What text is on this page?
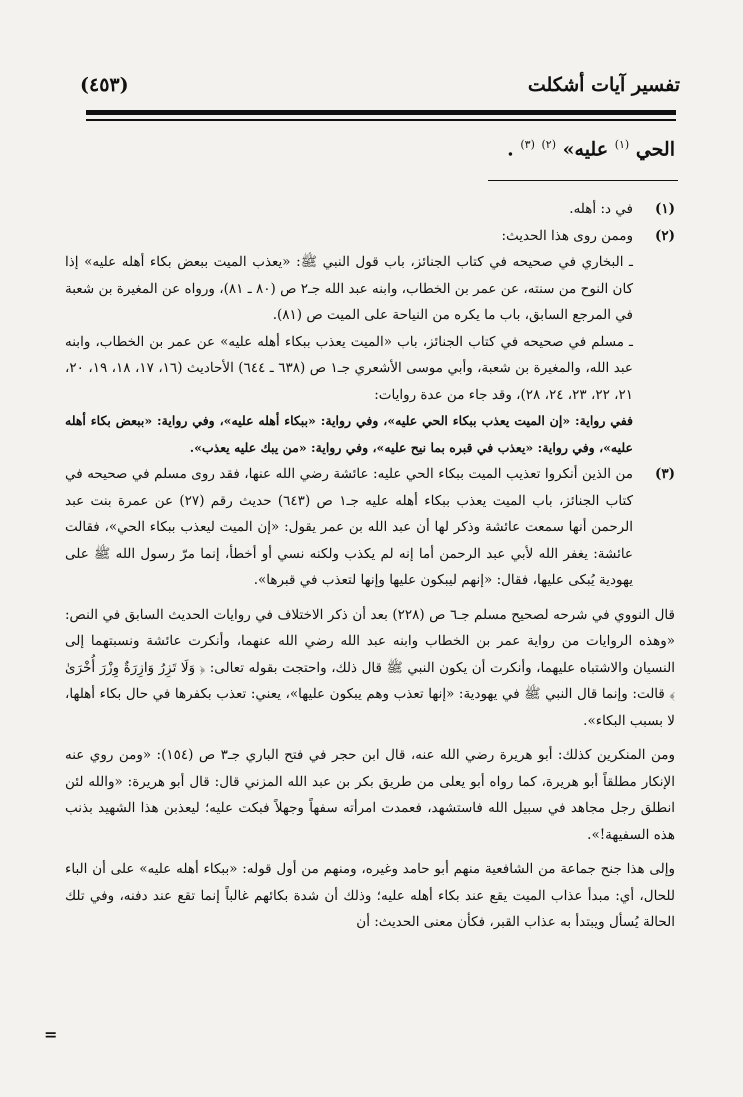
تفسير آيات أشكلت
(٤٥٣)
الحي $^{(١)}$ عليه» $^{(٢)}$ $^{(٣)}$ .
(١)

في د: أهله.

(٢)

وممن روى هذا الحديث:

ـ البخاري في صحيحه في كتاب الجنائز، باب قول النبي ﷺ: «يعذب الميت ببعض بكاء أهله عليه» إذا كان النوح من سنته، عن عمر بن الخطاب، وابنه عبد الله جـ٢ ص (٨٠ ـ ٨١)، ورواه عن المغيرة بن شعبة في المرجع السابق، باب ما يكره من النياحة على الميت ص (٨١).

ـ مسلم في صحيحه في كتاب الجنائز، باب «الميت يعذب ببكاء أهله عليه» عن عمر بن الخطاب، وابنه عبد الله، والمغيرة بن شعبة، وأبي موسى الأشعري جـ١ ص (٦٣٨ ـ ٦٤٤) الأحاديث (١٦، ١٧، ١٨، ١٩، ٢٠، ٢١، ٢٢، ٢٣، ٢٤، ٢٨)، وقد جاء من عدة روايات:

ففي رواية: «إن الميت يعذب ببكاء الحي عليه»، وفي رواية: «ببكاء أهله عليه»، وفي رواية: «ببعض بكاء أهله عليه»، وفي رواية: «يعذب في قبره بما نيح عليه»، وفي رواية: «من يبك عليه يعذب».

(٣)

من الذين أنكروا تعذيب الميت ببكاء الحي عليه: عائشة رضي الله عنها، فقد روى مسلم في صحيحه في كتاب الجنائز، باب الميت يعذب ببكاء أهله عليه جـ١ ص (٦٤٣) حديث رقم (٢٧) عن عمرة بنت عبد الرحمن أنها سمعت عائشة وذكر لها أن عبد الله بن عمر يقول: «إن الميت ليعذب ببكاء الحي»، فقالت عائشة: يغفر الله لأبي عبد الرحمن أما إنه لم يكذب ولكنه نسي أو أخطأ، إنما مرّ رسول الله ﷺ على يهودية يُبكى عليها، فقال: «إنهم ليبكون عليها وإنها لتعذب في قبرها».

قال النووي في شرحه لصحيح مسلم جـ٦ ص (٢٢٨) بعد أن ذكر الاختلاف في روايات الحديث السابق في النص: «وهذه الروايات من رواية عمر بن الخطاب وابنه عبد الله رضي الله عنهما، وأنكرت عائشة ونسبتهما إلى النسيان والاشتباه عليهما، وأنكرت أن يكون النبي ﷺ قال ذلك، واحتجت بقوله تعالى: ﴿ وَلَا تَزِرُ وَازِرَةٌ وِزْرَ أُخْرَىٰ ﴾ قالت: وإنما قال النبي ﷺ في يهودية: «إنها تعذب وهم يبكون عليها»، يعني: تعذب بكفرها في حال بكاء أهلها، لا بسبب البكاء».

ومن المنكرين كذلك: أبو هريرة رضي الله عنه، قال ابن حجر في فتح الباري جـ٣ ص (١٥٤): «ومن روي عنه الإنكار مطلقاً أبو هريرة، كما رواه أبو يعلى من طريق بكر بن عبد الله المزني قال: قال أبو هريرة: «والله لئن انطلق رجل مجاهد في سبيل الله فاستشهد، فعمدت امرأته سفهاً وجهلاً فبكت عليه؛ ليعذبن هذا الشهيد بذنب هذه السفيهة!».

وإلى هذا جنح جماعة من الشافعية منهم أبو حامد وغيره، ومنهم من أول قوله: «ببكاء أهله عليه» على أن الباء للحال، أي: مبدأ عذاب الميت يقع عند بكاء أهله عليه؛ وذلك أن شدة بكائهم غالباً إنما تقع عند دفنه، وفي تلك الحالة يُسأل ويبتدأ به عذاب القبر، فكأن معنى الحديث: أن

=
